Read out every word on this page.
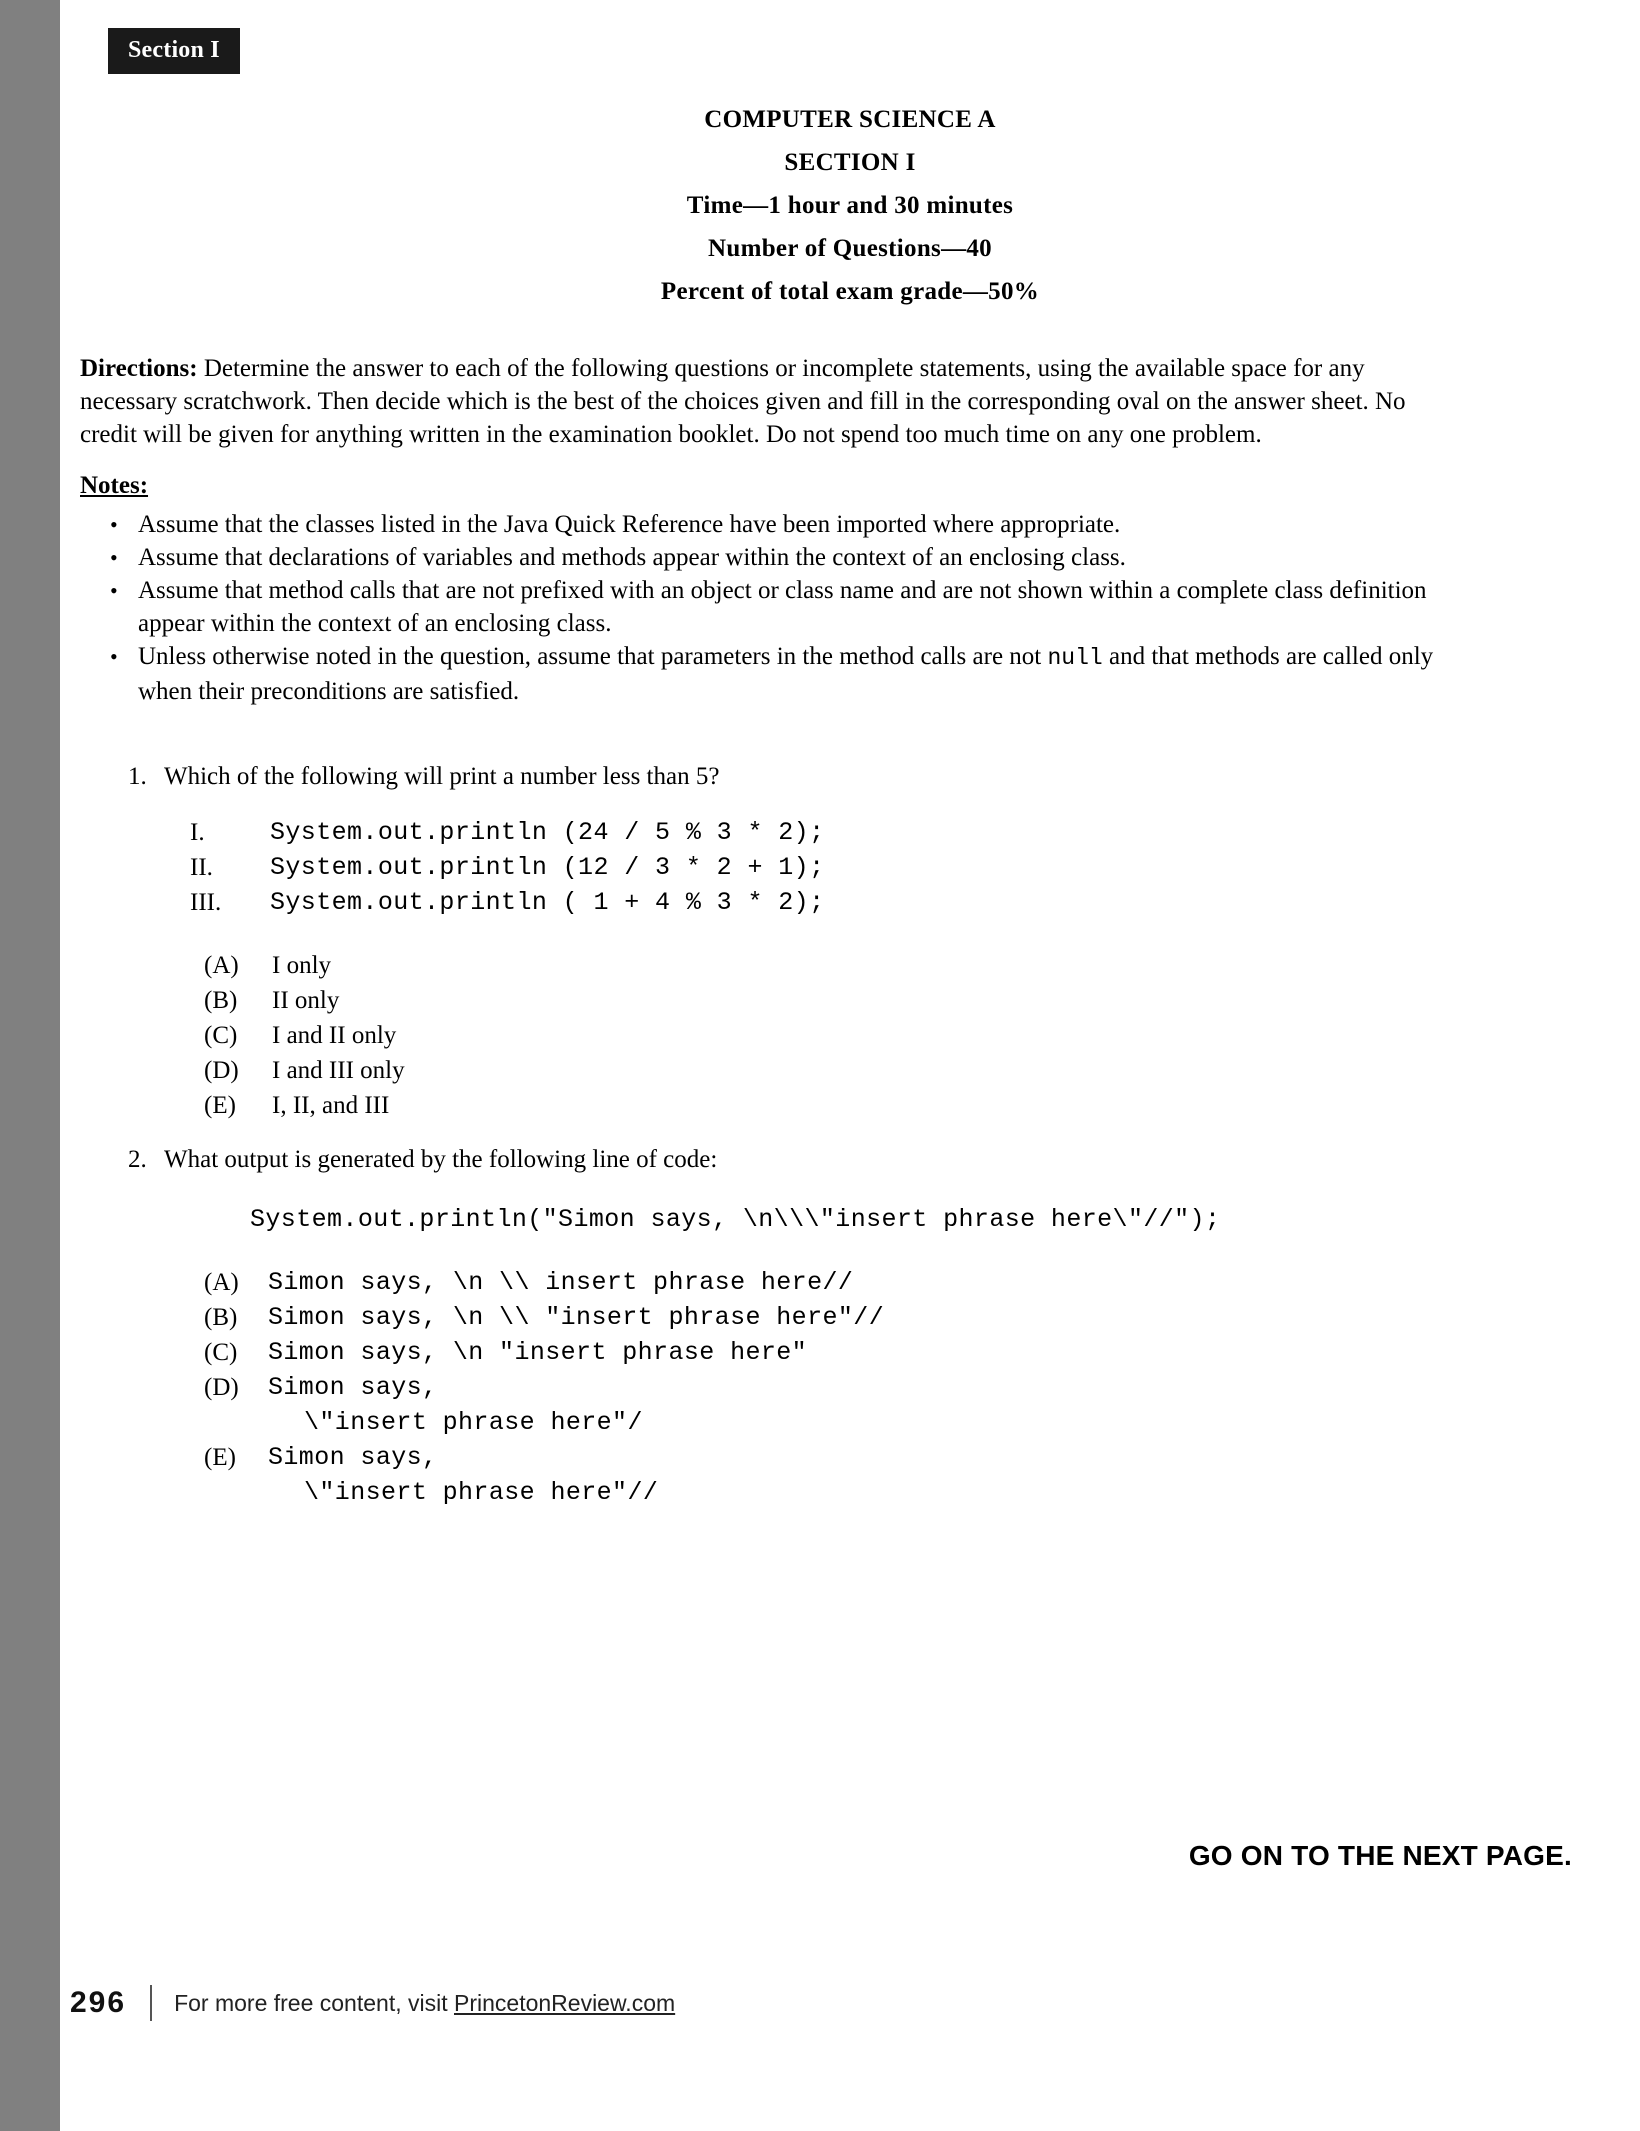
Section I
COMPUTER SCIENCE A
SECTION I
Time—1 hour and 30 minutes
Number of Questions—40
Percent of total exam grade—50%
Directions: Determine the answer to each of the following questions or incomplete statements, using the available space for any necessary scratchwork. Then decide which is the best of the choices given and fill in the corresponding oval on the answer sheet. No credit will be given for anything written in the examination booklet. Do not spend too much time on any one problem.
Notes:
• Assume that the classes listed in the Java Quick Reference have been imported where appropriate.
• Assume that declarations of variables and methods appear within the context of an enclosing class.
• Assume that method calls that are not prefixed with an object or class name and are not shown within a complete class definition appear within the context of an enclosing class.
• Unless otherwise noted in the question, assume that parameters in the method calls are not null and that methods are called only when their preconditions are satisfied.
1. Which of the following will print a number less than 5?
I.	System.out.println (24 / 5 % 3 * 2);
II. System.out.println (12 / 3 * 2 + 1);
III. System.out.println ( 1 + 4 % 3 * 2);
(A)	I only
(B)	II only
(C)	I and II only
(D)	I and III only
(E)	I, II, and III
2. What output is generated by the following line of code:
System.out.println("Simon says, \n\\\"insert phrase here\"//");
(A)	Simon says, \n \\ insert phrase here//
(B)	Simon says, \n \\ "insert phrase here"//
(C)	Simon says, \n "insert phrase here"
(D)	Simon says,
\"insert phrase here"/
(E)	Simon says,
\"insert phrase here"//
GO ON TO THE NEXT PAGE.
296 For more free content, visit PrincetonReview.com
